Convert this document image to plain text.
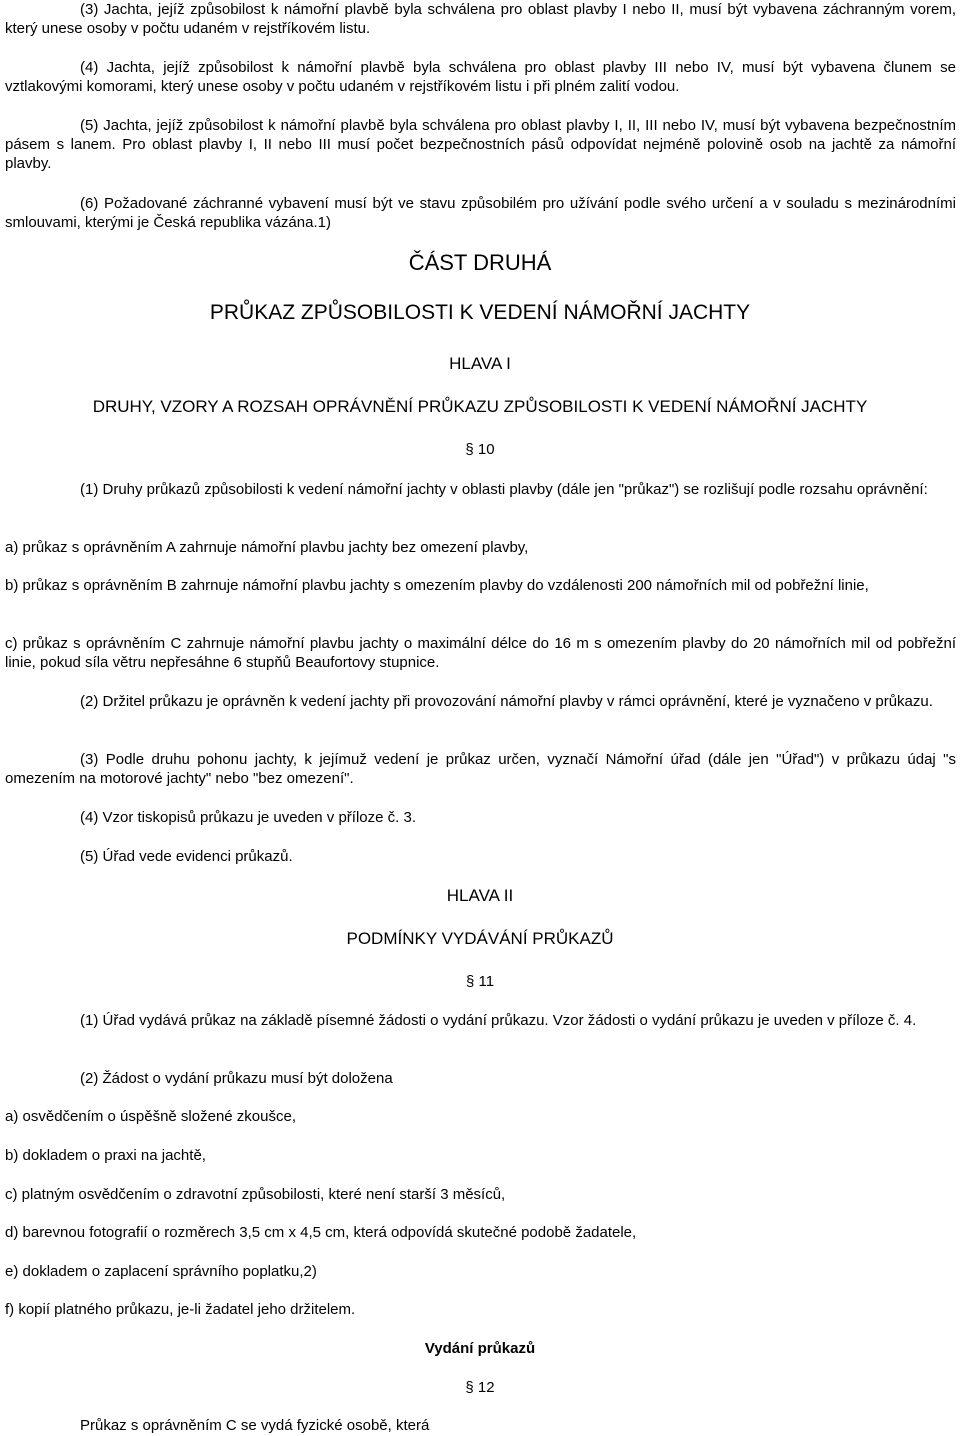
(3) Jachta, jejíž způsobilost k námořní plavbě byla schválena pro oblast plavby I nebo II, musí být vybavena záchranným vorem, který unese osoby v počtu udaném v rejstříkovém listu.

(4) Jachta, jejíž způsobilost k námořní plavbě byla schválena pro oblast plavby III nebo IV, musí být vybavena člunem se vztlakovými komorami, který unese osoby v počtu udaném v rejstříkovém listu i při plném zalití vodou.

(5) Jachta, jejíž způsobilost k námořní plavbě byla schválena pro oblast plavby I, II, III nebo IV, musí být vybavena bezpečnostním pásem s lanem. Pro oblast plavby I, II nebo III musí počet bezpečnostních pásů odpovídat nejméně polovině osob na jachtě za námořní plavby.

(6) Požadované záchranné vybavení musí být ve stavu způsobilém pro užívání podle svého určení a v souladu s mezinárodními smlouvami, kterými je Česká republika vázána.1)

ČÁST DRUHÁ

PRŮKAZ ZPŮSOBILOSTI K VEDENÍ NÁMOŘNÍ JACHTY

HLAVA I

DRUHY, VZORY A ROZSAH OPRÁVNĚNÍ PRŮKAZU ZPŮSOBILOSTI K VEDENÍ NÁMOŘNÍ JACHTY

§ 10

(1) Druhy průkazů způsobilosti k vedení námořní jachty v oblasti plavby (dále jen "průkaz") se rozlišují podle rozsahu oprávnění:

a) průkaz s oprávněním A zahrnuje námořní plavbu jachty bez omezení plavby,

b) průkaz s oprávněním B zahrnuje námořní plavbu jachty s omezením plavby do vzdálenosti 200 námořních mil od pobřežní linie,

c) průkaz s oprávněním C zahrnuje námořní plavbu jachty o maximální délce do 16 m s omezením plavby do 20 námořních mil od pobřežní linie, pokud síla větru nepřesáhne 6 stupňů Beaufortovy stupnice.

(2) Držitel průkazu je oprávněn k vedení jachty při provozování námořní plavby v rámci oprávnění, které je vyznačeno v průkazu.

(3) Podle druhu pohonu jachty, k jejímuž vedení je průkaz určen, vyznačí Námořní úřad (dále jen "Úřad") v průkazu údaj "s omezením na motorové jachty" nebo "bez omezení".

(4) Vzor tiskopisů průkazu je uveden v příloze č. 3.

(5) Úřad vede evidenci průkazů.

HLAVA II

PODMÍNKY VYDÁVÁNÍ PRŮKAZŮ

§ 11

(1) Úřad vydává průkaz na základě písemné žádosti o vydání průkazu. Vzor žádosti o vydání průkazu je uveden v příloze č. 4.

(2) Žádost o vydání průkazu musí být doložena

a) osvědčením o úspěšně složené zkoušce,

b) dokladem o praxi na jachtě,

c) platným osvědčením o zdravotní způsobilosti, které není starší 3 měsíců,

d) barevnou fotografií o rozměrech 3,5 cm x 4,5 cm, která odpovídá skutečné podobě žadatele,

e) dokladem o zaplacení správního poplatku,2)

f) kopií platného průkazu, je-li žadatel jeho držitelem.

Vydání průkazů

§ 12

Průkaz s oprávněním C se vydá fyzické osobě, která
